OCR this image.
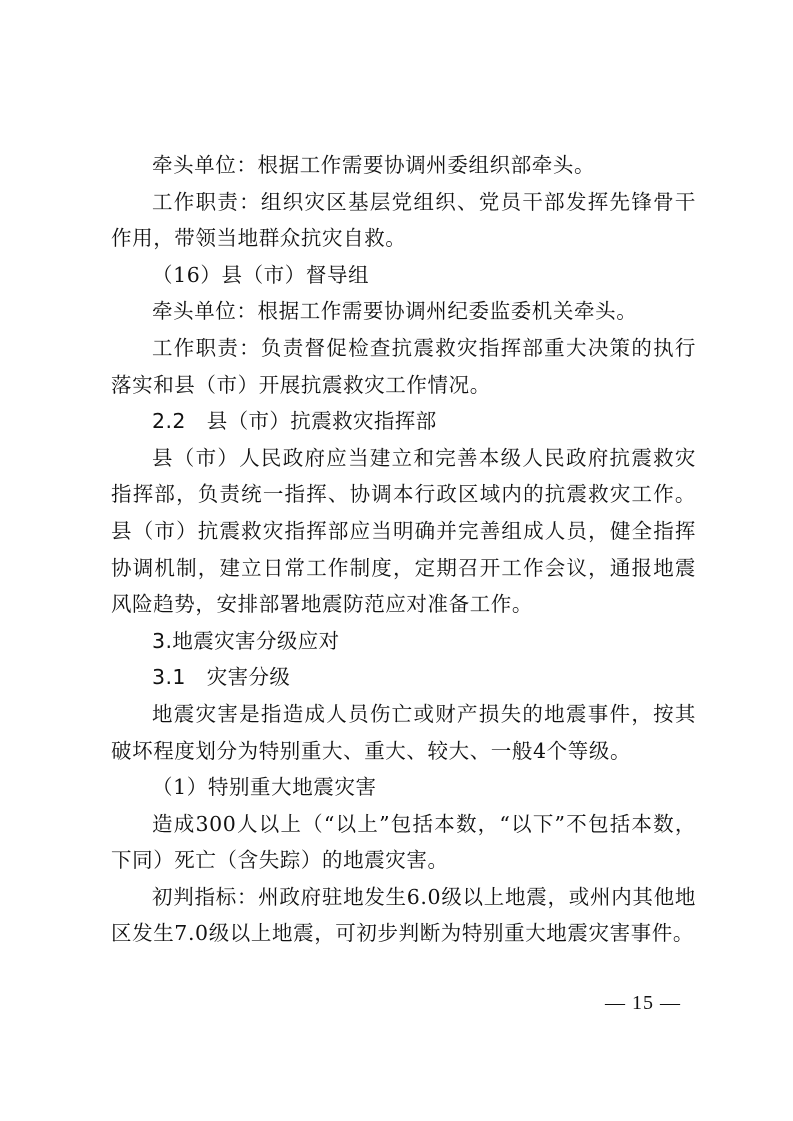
牵头单位：根据工作需要协调州委组织部牵头。

工作职责：组织灾区基层党组织、党员干部发挥先锋骨干作用，带领当地群众抗灾自救。

（16）县（市）督导组

牵头单位：根据工作需要协调州纪委监委机关牵头。

工作职责：负责督促检查抗震救灾指挥部重大决策的执行落实和县（市）开展抗震救灾工作情况。

2.2　县（市）抗震救灾指挥部

县（市）人民政府应当建立和完善本级人民政府抗震救灾指挥部，负责统一指挥、协调本行政区域内的抗震救灾工作。县（市）抗震救灾指挥部应当明确并完善组成人员，健全指挥协调机制，建立日常工作制度，定期召开工作会议，通报地震风险趋势，安排部署地震防范应对准备工作。

3.地震灾害分级应对

3.1　灾害分级

地震灾害是指造成人员伤亡或财产损失的地震事件，按其破坏程度划分为特别重大、重大、较大、一般4个等级。

（1）特别重大地震灾害

造成300人以上（“以上”包括本数，“以下”不包括本数，下同）死亡（含失踪）的地震灾害。

初判指标：州政府驻地发生6.0级以上地震，或州内其他地区发生7.0级以上地震，可初步判断为特别重大地震灾害事件。

— 15 —
